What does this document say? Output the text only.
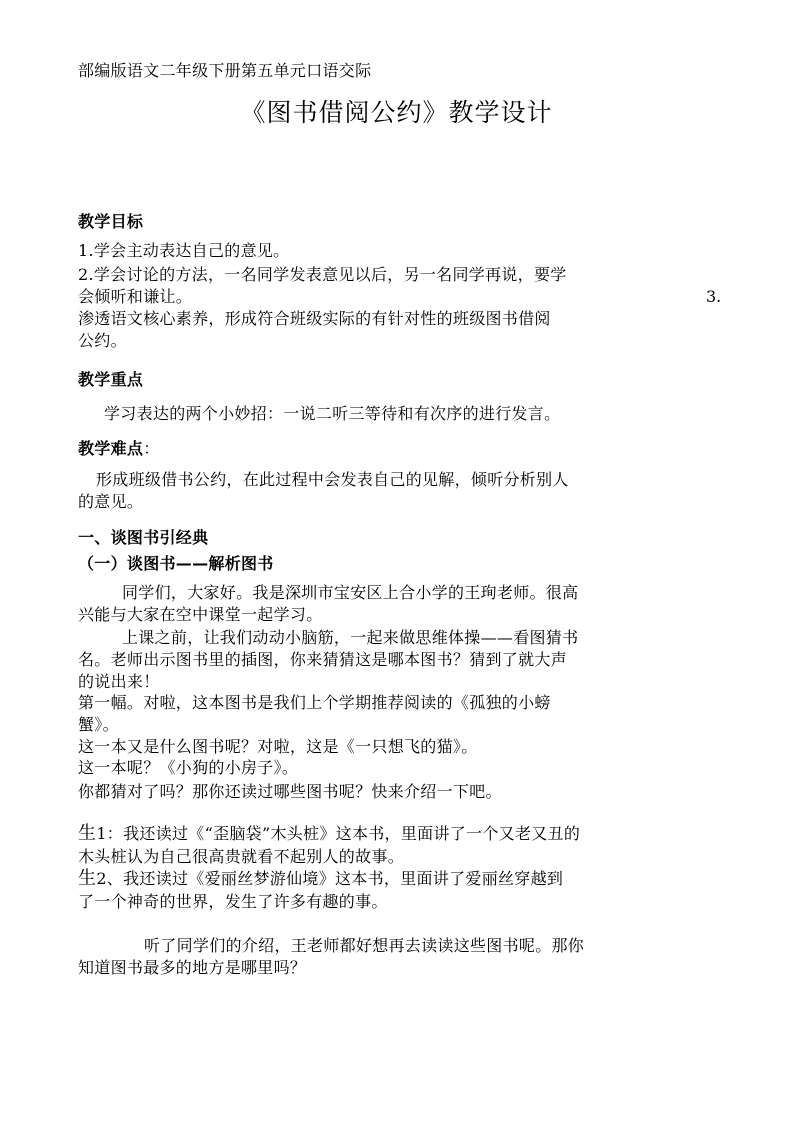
部编版语文二年级下册第五单元口语交际
《图书借阅公约》教学设计
教学目标
1.学会主动表达自己的意见。
2.学会讨论的方法，一名同学发表意见以后，另一名同学再说，要学
会倾听和谦让。	3.
渗透语文核心素养，形成符合班级实际的有针对性的班级图书借阅
公约。
教学重点
学习表达的两个小妙招：一说二听三等待和有次序的进行发言。
教学难点：
形成班级借书公约，在此过程中会发表自己的见解，倾听分析别人
的意见。
一、谈图书引经典
（一）谈图书——解析图书
同学们，大家好。我是深圳市宝安区上合小学的王珣老师。很高
兴能与大家在空中课堂一起学习。
上课之前，让我们动动小脑筋，一起来做思维体操——看图猜书
名。老师出示图书里的插图，你来猜猜这是哪本图书？猜到了就大声
的说出来！
第一幅。对啦，这本图书是我们上个学期推荐阅读的《孤独的小螃
蟹》。
这一本又是什么图书呢？对啦，这是《一只想飞的猫》。
这一本呢？《小狗的小房子》。
你都猜对了吗？那你还读过哪些图书呢？快来介绍一下吧。
生1：我还读过《“歪脑袋”木头桩》这本书，里面讲了一个又老又丑的
木头桩认为自己很高贵就看不起别人的故事。
生2、我还读过《爱丽丝梦游仙境》这本书，里面讲了爱丽丝穿越到
了一个神奇的世界，发生了许多有趣的事。
听了同学们的介绍，王老师都好想再去读读这些图书呢。那你
知道图书最多的地方是哪里吗？
